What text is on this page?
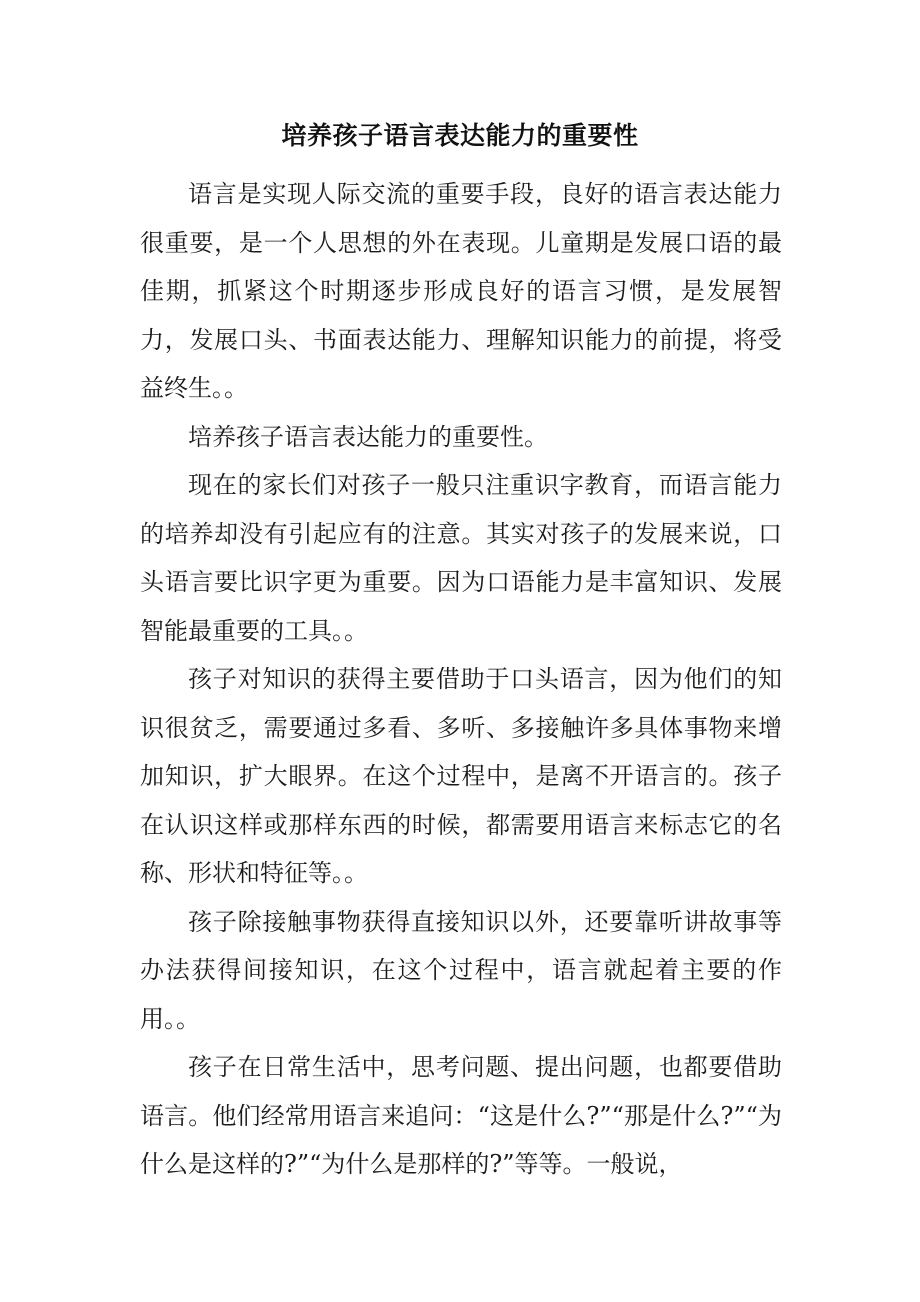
培养孩子语言表达能力的重要性

语言是实现人际交流的重要手段，良好的语言表达能力很重要，是一个人思想的外在表现。儿童期是发展口语的最佳期，抓紧这个时期逐步形成良好的语言习惯，是发展智力，发展口头、书面表达能力、理解知识能力的前提，将受益终生。。

培养孩子语言表达能力的重要性。

现在的家长们对孩子一般只注重识字教育，而语言能力的培养却没有引起应有的注意。其实对孩子的发展来说，口头语言要比识字更为重要。因为口语能力是丰富知识、发展智能最重要的工具。。

孩子对知识的获得主要借助于口头语言，因为他们的知识很贫乏，需要通过多看、多听、多接触许多具体事物来增加知识，扩大眼界。在这个过程中，是离不开语言的。孩子在认识这样或那样东西的时候，都需要用语言来标志它的名称、形状和特征等。。

孩子除接触事物获得直接知识以外，还要靠听讲故事等办法获得间接知识，在这个过程中，语言就起着主要的作用。。

孩子在日常生活中，思考问题、提出问题，也都要借助语言。他们经常用语言来追问：“这是什么?”“那是什么?”“为什么是这样的?”“为什么是那样的?”等等。一般说，
